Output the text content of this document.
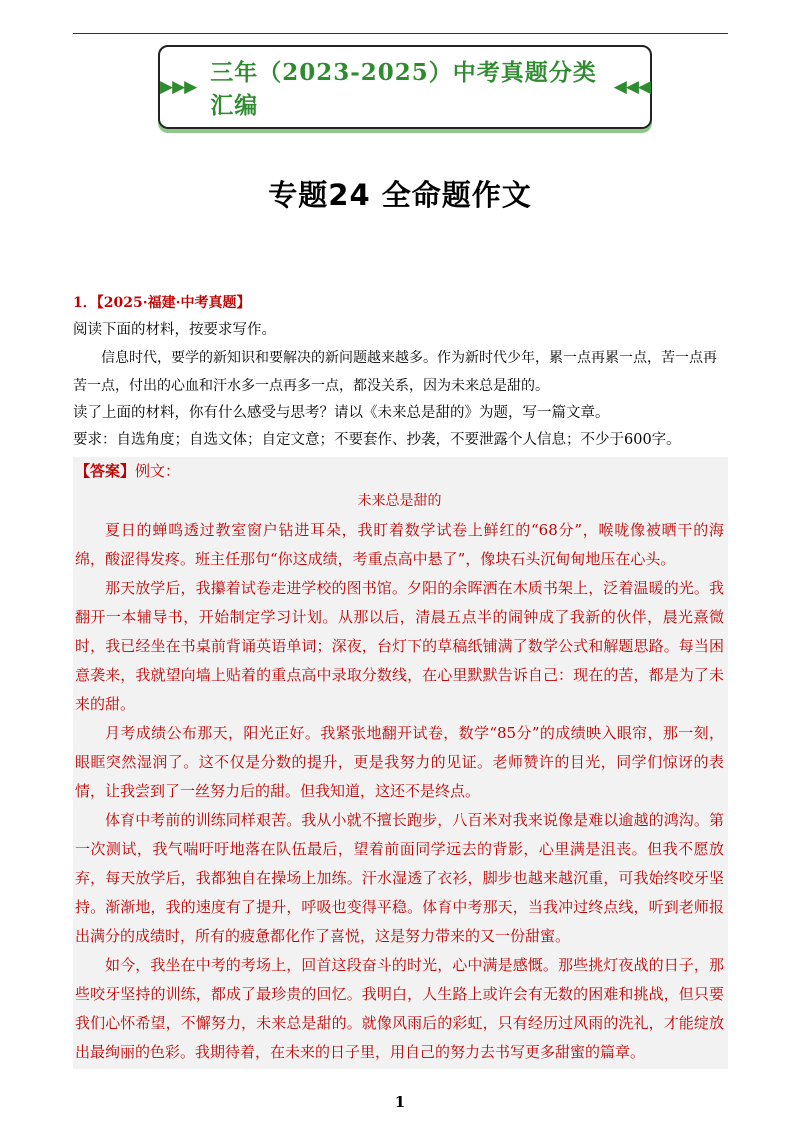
▶▶▶
三年（2023-2025）中考真题分类汇编
◀◀◀
专题24 全命题作文
1．【2025·福建·中考真题】

阅读下面的材料，按要求写作。

信息时代，要学的新知识和要解决的新问题越来越多。作为新时代少年，累一点再累一点，苦一点再苦一点，付出的心血和汗水多一点再多一点，都没关系，因为未来总是甜的。

读了上面的材料，你有什么感受与思考？请以《未来总是甜的》为题，写一篇文章。

要求：自选角度；自选文体；自定文意；不要套作、抄袭，不要泄露个人信息；不少于600字。

【答案】例文：
未来总是甜的

夏日的蝉鸣透过教室窗户钻进耳朵，我盯着数学试卷上鲜红的“68分”，喉咙像被晒干的海绵，酸涩得发疼。班主任那句“你这成绩，考重点高中悬了”，像块石头沉甸甸地压在心头。

那天放学后，我攥着试卷走进学校的图书馆。夕阳的余晖洒在木质书架上，泛着温暖的光。我翻开一本辅导书，开始制定学习计划。从那以后，清晨五点半的闹钟成了我新的伙伴，晨光熹微时，我已经坐在书桌前背诵英语单词；深夜，台灯下的草稿纸铺满了数学公式和解题思路。每当困意袭来，我就望向墙上贴着的重点高中录取分数线，在心里默默告诉自己：现在的苦，都是为了未来的甜。

月考成绩公布那天，阳光正好。我紧张地翻开试卷，数学“85分”的成绩映入眼帘，那一刻，眼眶突然湿润了。这不仅是分数的提升，更是我努力的见证。老师赞许的目光，同学们惊讶的表情，让我尝到了一丝努力后的甜。但我知道，这还不是终点。

体育中考前的训练同样艰苦。我从小就不擅长跑步，八百米对我来说像是难以逾越的鸿沟。第一次测试，我气喘吁吁地落在队伍最后，望着前面同学远去的背影，心里满是沮丧。但我不愿放弃，每天放学后，我都独自在操场上加练。汗水湿透了衣衫，脚步也越来越沉重，可我始终咬牙坚持。渐渐地，我的速度有了提升，呼吸也变得平稳。体育中考那天，当我冲过终点线，听到老师报出满分的成绩时，所有的疲惫都化作了喜悦，这是努力带来的又一份甜蜜。

如今，我坐在中考的考场上，回首这段奋斗的时光，心中满是感慨。那些挑灯夜战的日子，那些咬牙坚持的训练，都成了最珍贵的回忆。我明白，人生路上或许会有无数的困难和挑战，但只要我们心怀希望，不懈努力，未来总是甜的。就像风雨后的彩虹，只有经历过风雨的洗礼，才能绽放出最绚丽的色彩。我期待着，在未来的日子里，用自己的努力去书写更多甜蜜的篇章。

1
